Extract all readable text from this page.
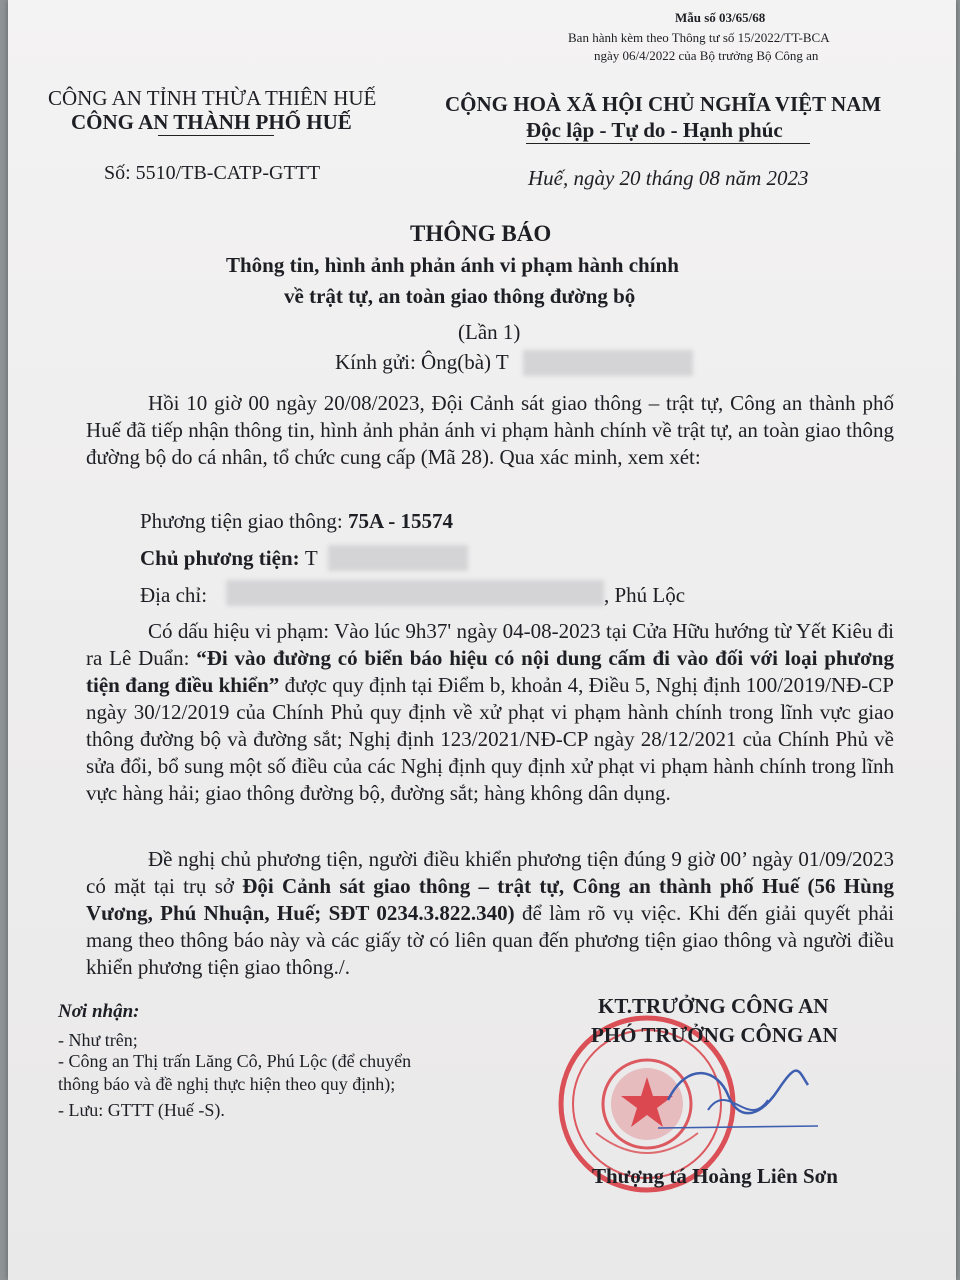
Mẫu số 03/65/68
Ban hành kèm theo Thông tư số 15/2022/TT-BCA
ngày 06/4/2022 của Bộ trưởng Bộ Công an
CÔNG AN TỈNH THỪA THIÊN HUẾ
CÔNG AN THÀNH PHỐ HUẾ
Số: 5510/TB-CATP-GTTT
CỘNG HOÀ XÃ HỘI CHỦ NGHĨA VIỆT NAM
Độc lập - Tự do - Hạnh phúc
Huế, ngày 20 tháng 08 năm 2023
THÔNG BÁO
Thông tin, hình ảnh phản ánh vi phạm hành chính
về trật tự, an toàn giao thông đường bộ
(Lần 1)
Kính gửi: Ông(bà) T
Hồi 10 giờ 00 ngày 20/08/2023, Đội Cảnh sát giao thông – trật tự, Công an thành phố Huế đã tiếp nhận thông tin, hình ảnh phản ánh vi phạm hành chính về trật tự, an toàn giao thông đường bộ do cá nhân, tổ chức cung cấp (Mã 28). Qua xác minh, xem xét:
Phương tiện giao thông: 75A - 15574
Chủ phương tiện: T
Địa chỉ:	, Phú Lộc
Có dấu hiệu vi phạm: Vào lúc 9h37' ngày 04-08-2023 tại Cửa Hữu hướng từ Yết Kiêu đi ra Lê Duẩn: “Đi vào đường có biển báo hiệu có nội dung cấm đi vào đối với loại phương tiện đang điều khiển” được quy định tại Điểm b, khoản 4, Điều 5, Nghị định 100/2019/NĐ-CP ngày 30/12/2019 của Chính Phủ quy định về xử phạt vi phạm hành chính trong lĩnh vực giao thông đường bộ và đường sắt; Nghị định 123/2021/NĐ-CP ngày 28/12/2021 của Chính Phủ về sửa đổi, bổ sung một số điều của các Nghị định quy định xử phạt vi phạm hành chính trong lĩnh vực hàng hải; giao thông đường bộ, đường sắt; hàng không dân dụng.
Đề nghị chủ phương tiện, người điều khiển phương tiện đúng 9 giờ 00’ ngày 01/09/2023 có mặt tại trụ sở Đội Cảnh sát giao thông – trật tự, Công an thành phố Huế (56 Hùng Vương, Phú Nhuận, Huế; SĐT 0234.3.822.340) để làm rõ vụ việc. Khi đến giải quyết phải mang theo thông báo này và các giấy tờ có liên quan đến phương tiện giao thông và người điều khiển phương tiện giao thông./.
Nơi nhận:
- Như trên;
- Công an Thị trấn Lăng Cô, Phú Lộc (để chuyển
thông báo và đề nghị thực hiện theo quy định);
- Lưu: GTTT (Huế -S).
KT.TRƯỞNG CÔNG AN
PHÓ TRƯỞNG CÔNG AN
Thượng tá Hoàng Liên Sơn
